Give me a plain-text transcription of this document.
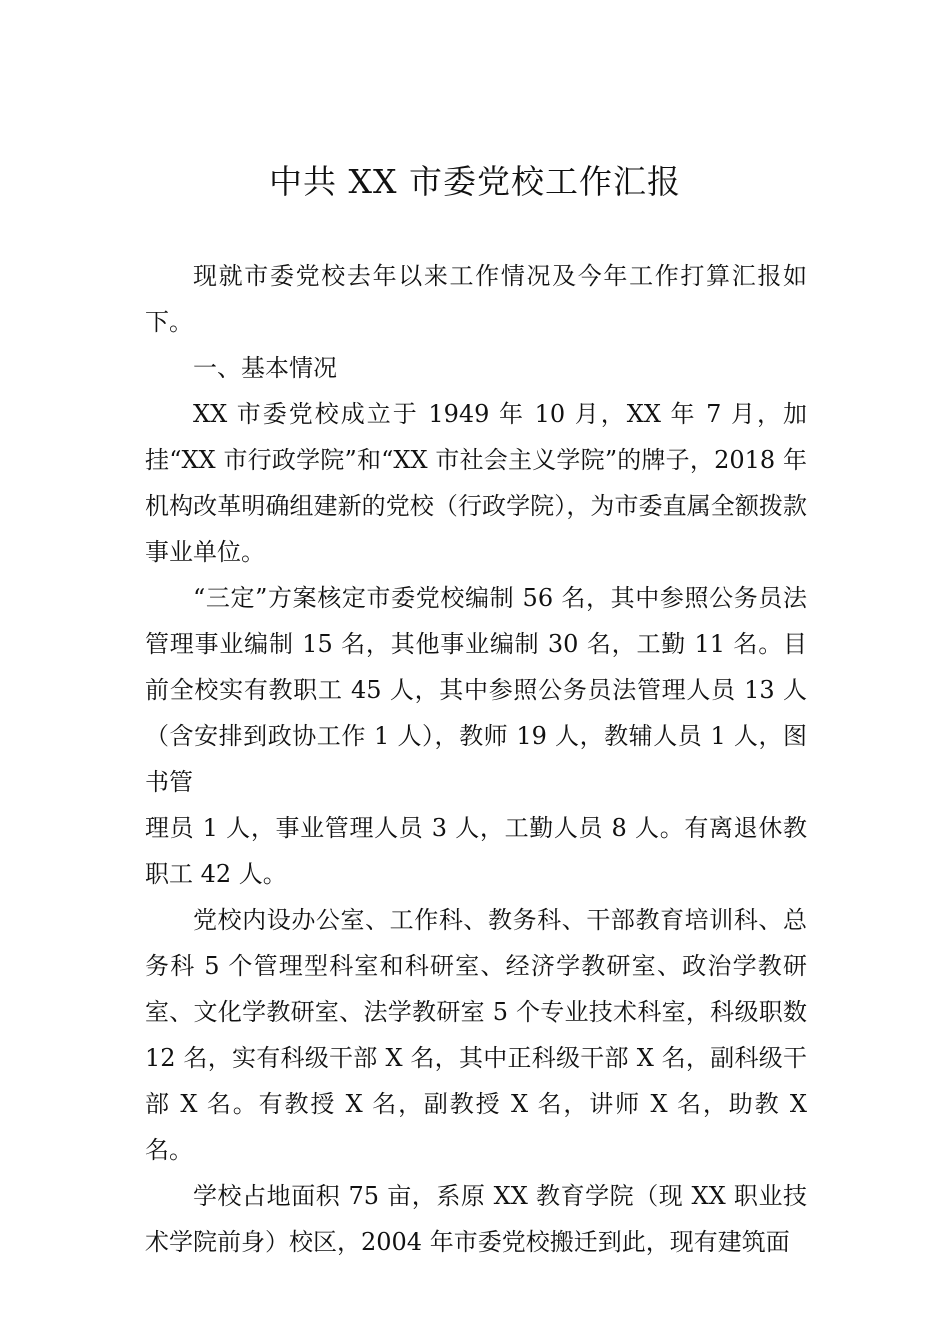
中共 XX 市委党校工作汇报

现就市委党校去年以来工作情况及今年工作打算汇报如下。

一、基本情况

XX 市委党校成立于 1949 年 10 月，XX 年 7 月，加挂“XX 市行政学院”和“XX 市社会主义学院”的牌子，2018 年机构改革明确组建新的党校（行政学院），为市委直属全额拨款事业单位。

“三定”方案核定市委党校编制 56 名，其中参照公务员法管理事业编制 15 名，其他事业编制 30 名，工勤 11 名。目前全校实有教职工 45 人，其中参照公务员法管理人员 13 人（含安排到政协工作 1 人），教师 19 人，教辅人员 1 人，图书管

理员 1 人，事业管理人员 3 人，工勤人员 8 人。有离退休教职工 42 人。

党校内设办公室、工作科、教务科、干部教育培训科、总务科 5 个管理型科室和科研室、经济学教研室、政治学教研室、文化学教研室、法学教研室 5 个专业技术科室，科级职数 12 名，实有科级干部 X 名，其中正科级干部 X 名，副科级干部 X 名。有教授 X 名，副教授 X 名，讲师 X 名，助教 X 名。

学校占地面积 75 亩，系原 XX 教育学院（现 XX 职业技术学院前身）校区，2004 年市委党校搬迁到此，现有建筑面
